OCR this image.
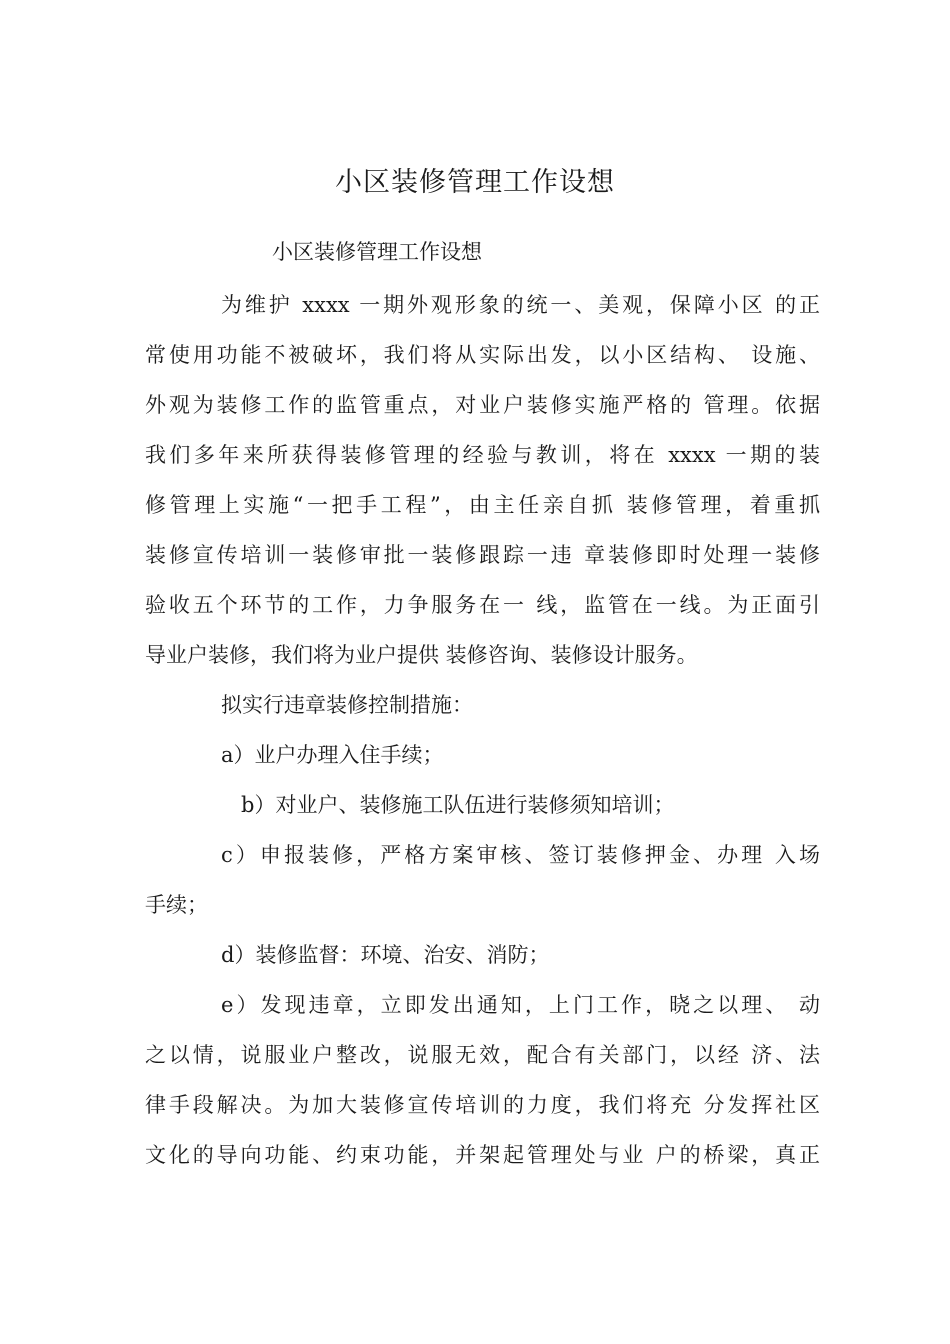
小区装修管理工作设想

小区装修管理工作设想

为维护 xxxx 一期外观形象的统一、美观，保障小区 的正

常使用功能不被破坏，我们将从实际出发，以小区结构、 设施、

外观为装修工作的监管重点，对业户装修实施严格的 管理。依据

我们多年来所获得装修管理的经验与教训，将在 xxxx 一期的装

修管理上实施“一把手工程”，由主任亲自抓 装修管理，着重抓

装修宣传培训一装修审批一装修跟踪一违 章装修即时处理一装修

验收五个环节的工作，力争服务在一 线，监管在一线。为正面引

导业户装修，我们将为业户提供 装修咨询、装修设计服务。

拟实行违章装修控制措施：

a）业户办理入住手续；

b）对业户、装修施工队伍进行装修须知培训；

c）申报装修，严格方案审核、签订装修押金、办理 入场

手续；

d）装修监督：环境、治安、消防；

e）发现违章，立即发出通知，上门工作，晓之以理、 动

之以情，说服业户整改，说服无效，配合有关部门，以经 济、法

律手段解决。为加大装修宣传培训的力度，我们将充 分发挥社区

文化的导向功能、约束功能，并架起管理处与业 户的桥梁，真正
